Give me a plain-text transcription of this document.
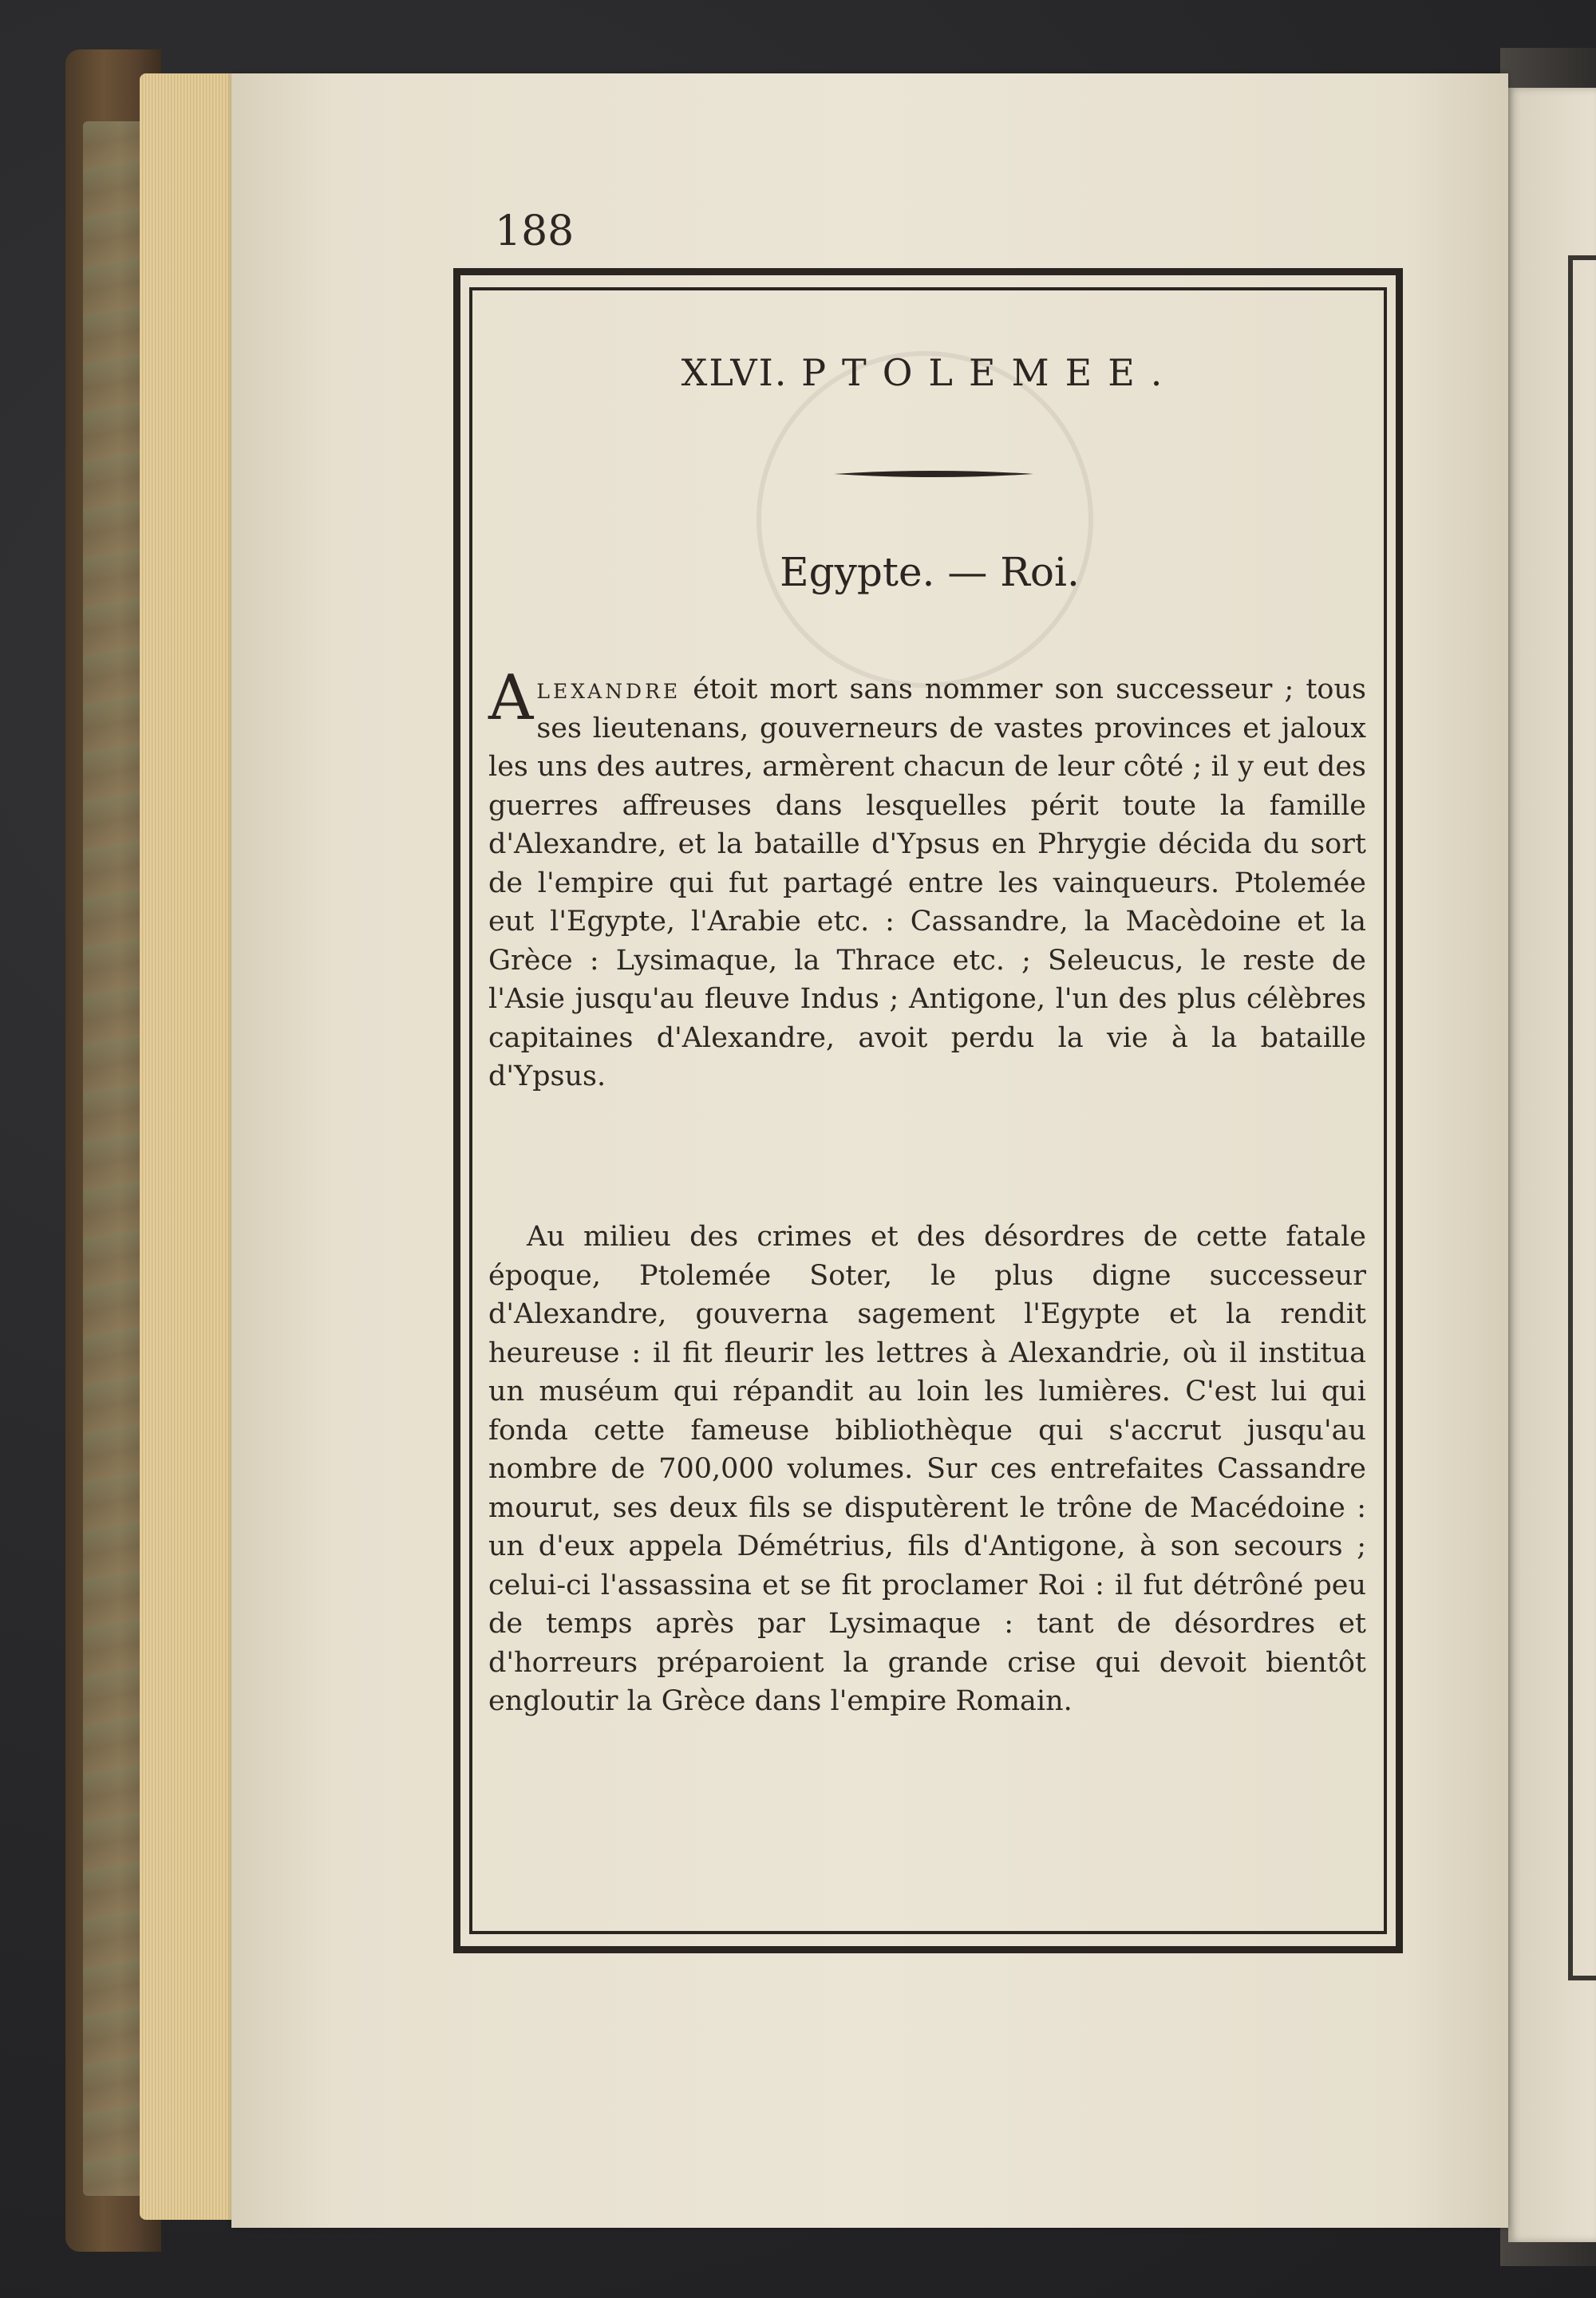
188
XLVI. PTOLEMEE.
Egypte. — Roi.
Alexandre étoit mort sans nommer son successeur ; tous ses lieutenans, gouverneurs de vastes provinces et jaloux les uns des autres, armèrent chacun de leur côté ; il y eut des guerres affreuses dans lesquelles périt toute la famille d'Alexandre, et la bataille d'Ypsus en Phrygie décida du sort de l'empire qui fut partagé entre les vainqueurs. Ptolemée eut l'Egypte, l'Arabie etc. : Cassandre, la Macèdoine et la Grèce : Lysimaque, la Thrace etc. ; Seleucus, le reste de l'Asie jusqu'au fleuve Indus ; Antigone, l'un des plus célèbres capitaines d'Alexandre, avoit perdu la vie à la bataille d'Ypsus.
Au milieu des crimes et des désordres de cette fatale époque, Ptolemée Soter, le plus digne successeur d'Alexandre, gouverna sagement l'Egypte et la rendit heureuse : il fit fleurir les lettres à Alexandrie, où il institua un muséum qui répandit au loin les lumières. C'est lui qui fonda cette fameuse bibliothèque qui s'accrut jusqu'au nombre de 700,000 volumes. Sur ces entrefaites Cassandre mourut, ses deux fils se disputèrent le trône de Macédoine : un d'eux appela Démétrius, fils d'Antigone, à son secours ; celui-ci l'assassina et se fit proclamer Roi : il fut détrôné peu de temps après par Lysimaque : tant de désordres et d'horreurs préparoient la grande crise qui devoit bientôt engloutir la Grèce dans l'empire Romain.
